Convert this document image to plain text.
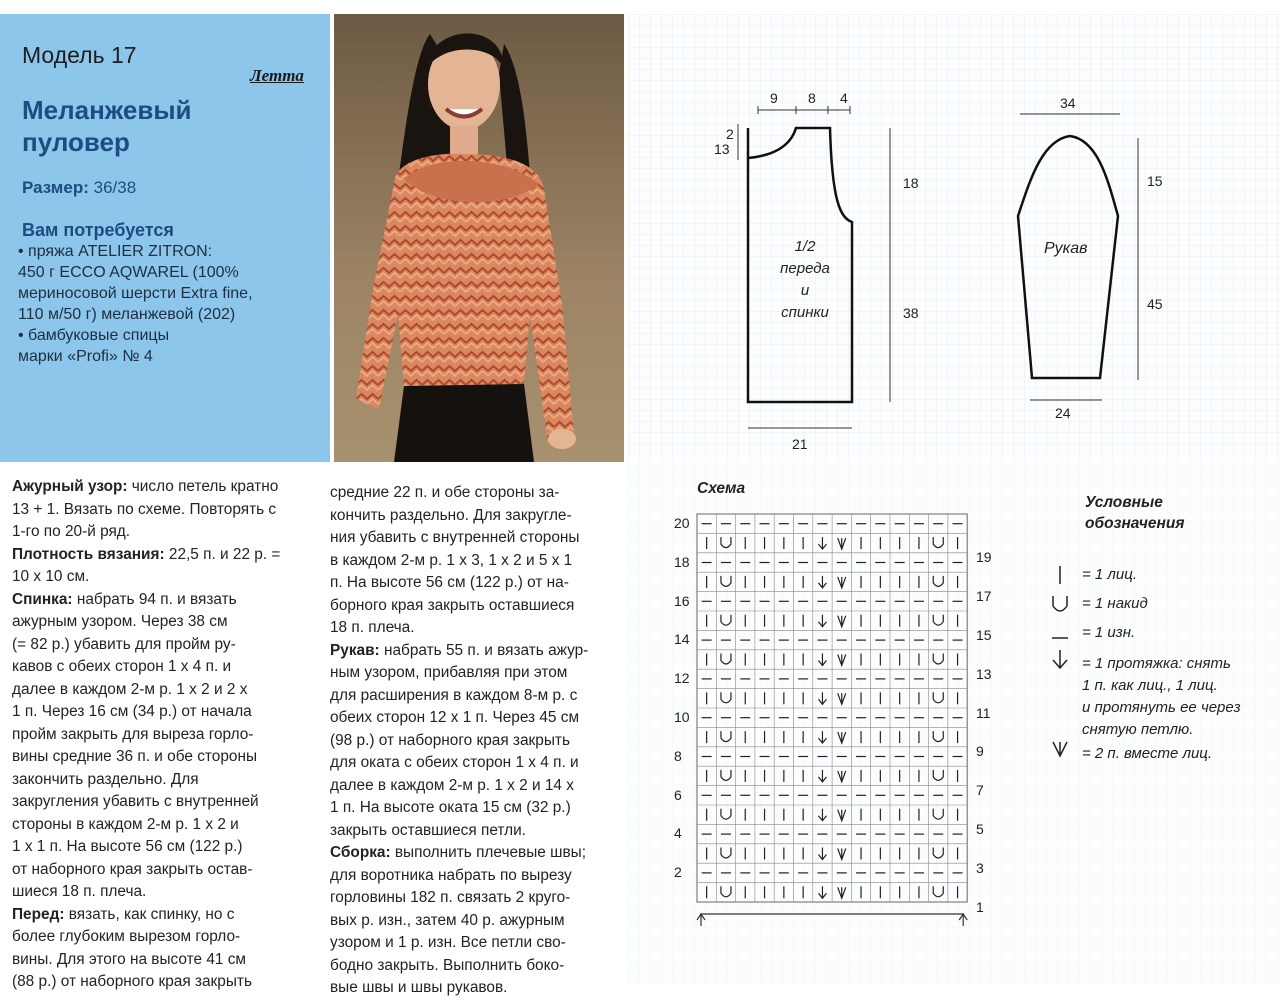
Модель 17
Летта
Меланжевый
пуловер
Размер: 36/38
Вам потребуется
• пряжа ATELIER ZITRON:
450 г ECCO AQWAREL (100%
мериносовой шерсти Extra fine,
110 м/50 г) меланжевой (202)
• бамбуковые спицы
марки «Profi» № 4
9 8 4
2
13
18
38
21
1/2
переда
и
спинки
34
15
45
24
Рукав
Схема
20
18
16
14
12
10
8
6
4
2
19
17
15
13
11
9
7
5
3
1
Условные
обозначения
= 1 лиц.
= 1 накид
= 1 изн.
= 1 протяжка: снять
1 п. как лиц., 1 лиц.
и протянуть ее через
снятую петлю.
= 2 п. вместе лиц.
Ажурный узор: число петель кратно
13 + 1. Вязать по схеме. Повторять с
1-го по 20-й ряд.
Плотность вязания: 22,5 п. и 22 р. =
10 х 10 см.
Спинка: набрать 94 п. и вязать
ажурным узором. Через 38 см
(= 82 р.) убавить для пройм ру-
кавов с обеих сторон 1 х 4 п. и
далее в каждом 2-м р. 1 х 2 и 2 х
1 п. Через 16 см (34 р.) от начала
пройм закрыть для выреза горло-
вины средние 36 п. и обе стороны
закончить раздельно. Для
закругления убавить с внутренней
стороны в каждом 2-м р. 1 х 2 и
1 х 1 п. На высоте 56 см (122 р.)
от наборного края закрыть остав-
шиеся 18 п. плеча.
Перед: вязать, как спинку, но с
более глубоким вырезом горло-
вины. Для этого на высоте 41 см
(88 р.) от наборного края закрыть
средние 22 п. и обе стороны за-
кончить раздельно. Для закругле-
ния убавить с внутренней стороны
в каждом 2-м р. 1 х 3, 1 х 2 и 5 х 1
п. На высоте 56 см (122 р.) от на-
борного края закрыть оставшиеся
18 п. плеча.
Рукав: набрать 55 п. и вязать ажур-
ным узором, прибавляя при этом
для расширения в каждом 8-м р. с
обеих сторон 12 х 1 п. Через 45 см
(98 р.) от наборного края закрыть
для оката с обеих сторон 1 х 4 п. и
далее в каждом 2-м р. 1 х 2 и 14 х
1 п. На высоте оката 15 см (32 р.)
закрыть оставшиеся петли.
Сборка: выполнить плечевые швы;
для воротника набрать по вырезу
горловины 182 п. связать 2 круго-
вых р. изн., затем 40 р. ажурным
узором и 1 р. изн. Все петли сво-
бодно закрыть. Выполнить боко-
вые швы и швы рукавов.
